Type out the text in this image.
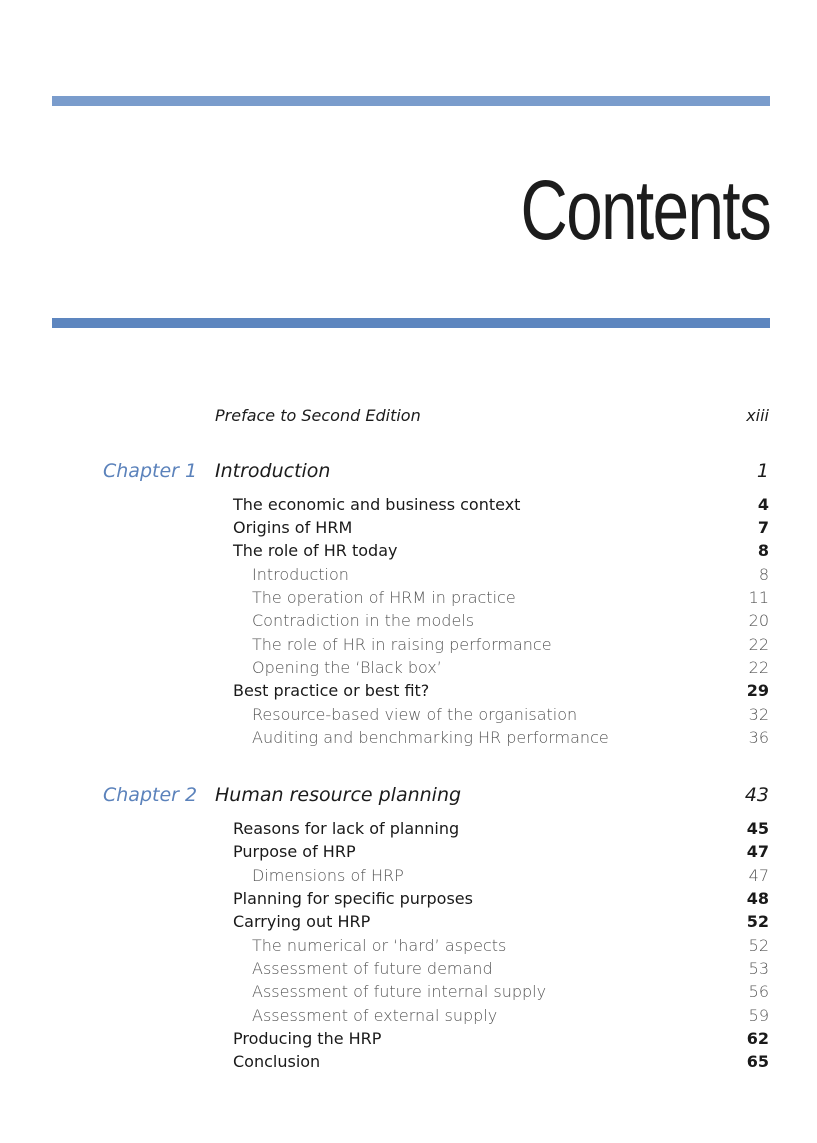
Contents
Preface to Second Edition	xiii
Chapter 1 Introduction	1
The economic and business context	4
Origins of HRM	7
The role of HR today	8
Introduction	8
The operation of HRM in practice	11
Contradiction in the models	20
The role of HR in raising performance	22
Opening the ‘Black box’	22
Best practice or best fit?	29
Resource-based view of the organisation	32
Auditing and benchmarking HR performance	36
Chapter 2 Human resource planning	43
Reasons for lack of planning	45
Purpose of HRP	47
Dimensions of HRP	47
Planning for specific purposes	48
Carrying out HRP	52
The numerical or ‘hard’ aspects	52
Assessment of future demand	53
Assessment of future internal supply	56
Assessment of external supply	59
Producing the HRP	62
Conclusion	65
